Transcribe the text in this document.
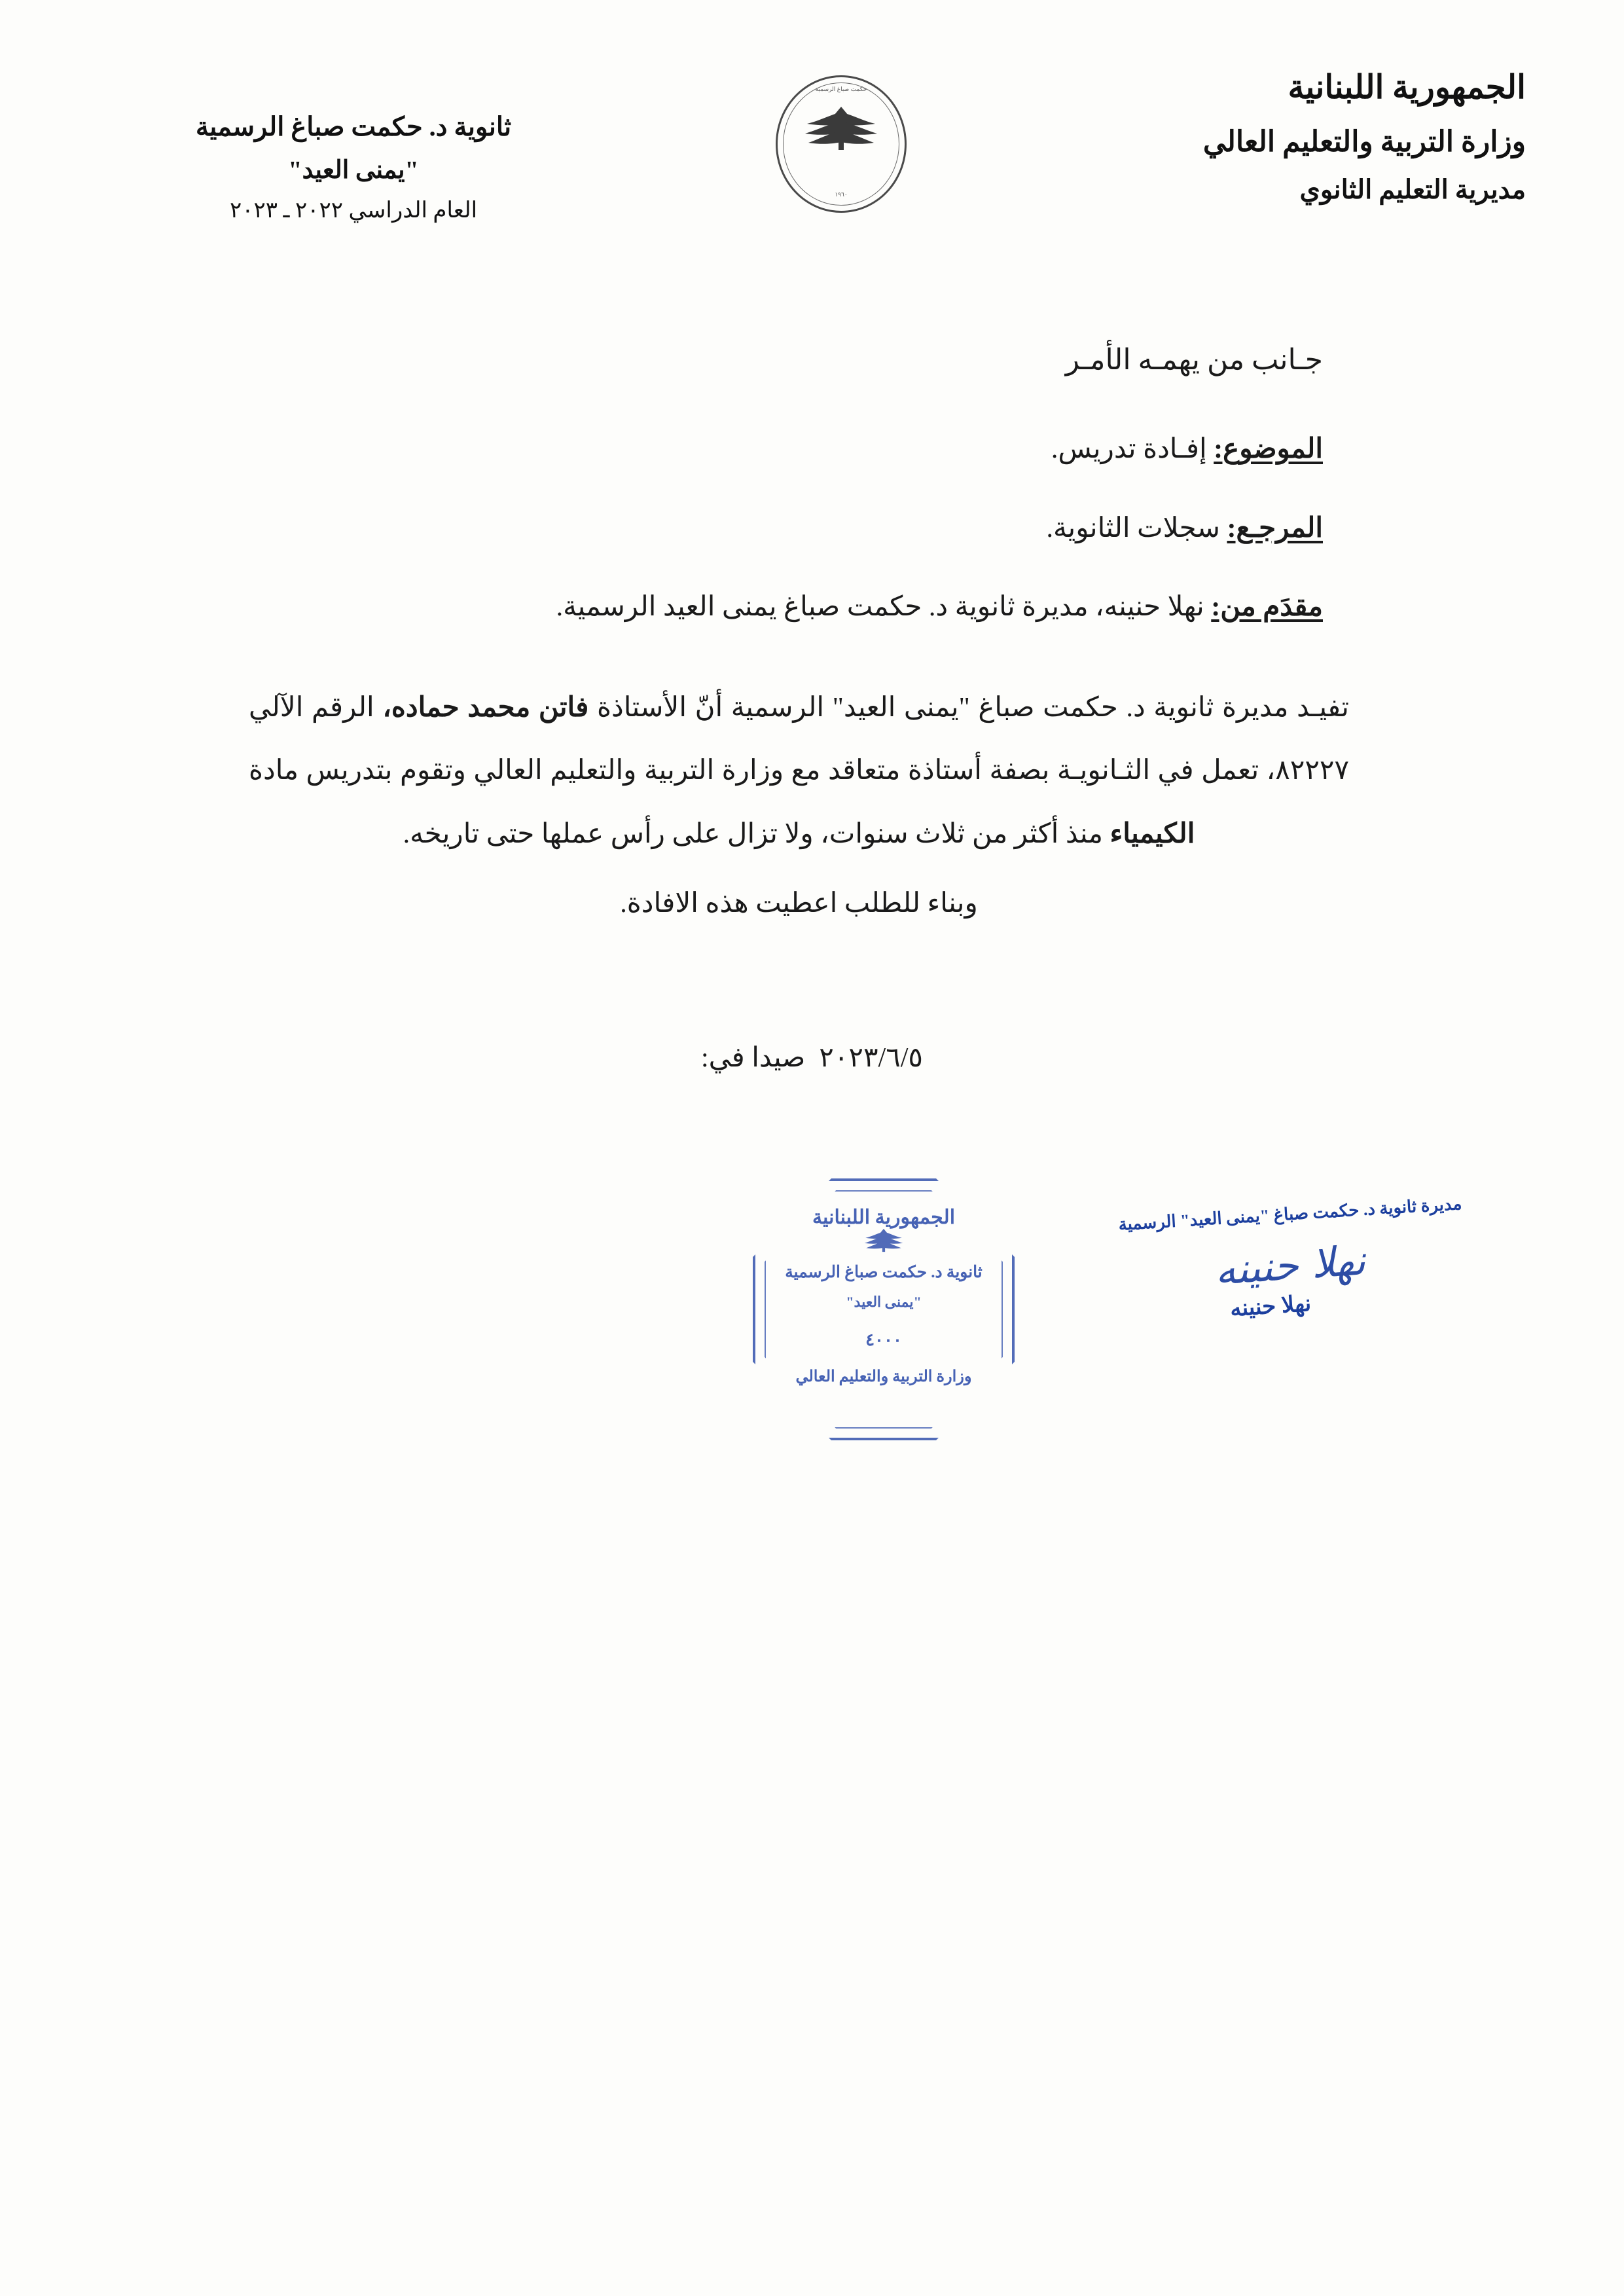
الجمهورية اللبنانية
وزارة التربية والتعليم العالي
مديرية التعليم الثانوي
حكمت صباغ الرسمية
١٩٦٠
ثانوية د. حكمت صباغ الرسمية
"يمنى العيد"
العام الدراسي ٢٠٢٢ ـ ٢٠٢٣
جـانب من يهمـه الأمـر
الموضوع: إفـادة تدريس.
المرجـع: سجلات الثانوية.
مقدَم من: نهلا حنينه، مديرة ثانوية د. حكمت صباغ يمنى العيد الرسمية.
تفيـد مديرة ثانوية د. حكمت صباغ "يمنى العيد" الرسمية أنّ الأستاذة فاتن محمد حماده، الرقم الآلي ٨٢٢٢٧، تعمل في الثـانويـة بصفة أستاذة متعاقد مع وزارة التربية والتعليم العالي وتقوم بتدريس مادة الكيمياء منذ أكثر من ثلاث سنوات، ولا تزال على رأس عملها حتى تاريخه.
وبناء للطلب اعطيت هذه الافادة.
٢٠٢٣/٦/٥  صيدا في:
مديرة ثانوية د. حكمت صباغ "يمنى العيد" الرسمية
نهلا حنينه
نهلا حنينه
الجمهورية اللبنانية
ثانوية د. حكمت صباغ الرسمية
"يمنى العيد"
٤٠٠٠
وزارة التربية والتعليم العالي
